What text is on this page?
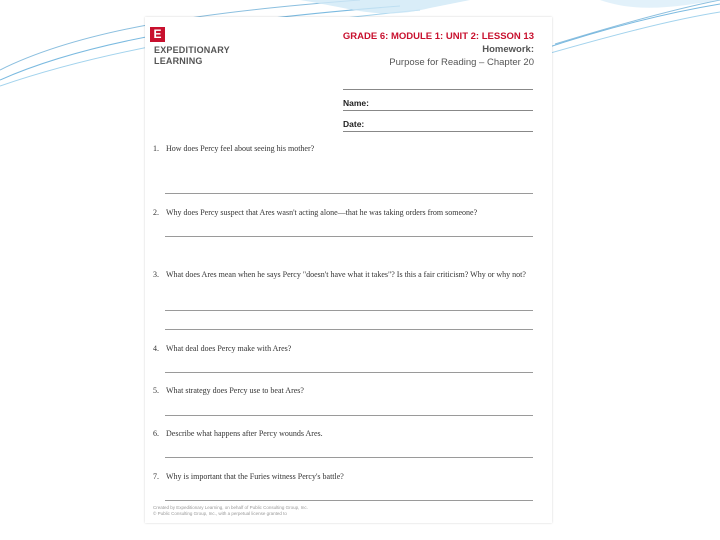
E
EXPEDITIONARY
LEARNING
GRADE 6: MODULE 1: UNIT 2: LESSON 13
Homework:
Purpose for Reading – Chapter 20
Name:
Date:
1. How does Percy feel about seeing his mother?
2. Why does Percy suspect that Ares wasn't acting alone—that he was taking orders from someone?
3. What does Ares mean when he says Percy "doesn't have what it takes"? Is this a fair criticism? Why or why not?
4. What deal does Percy make with Ares?
5. What strategy does Percy use to beat Ares?
6. Describe what happens after Percy wounds Ares.
7. Why is important that the Furies witness Percy's battle?
Created by Expeditionary Learning, on behalf of Public Consulting Group, Inc.
© Public Consulting Group, Inc., with a perpetual license granted to
